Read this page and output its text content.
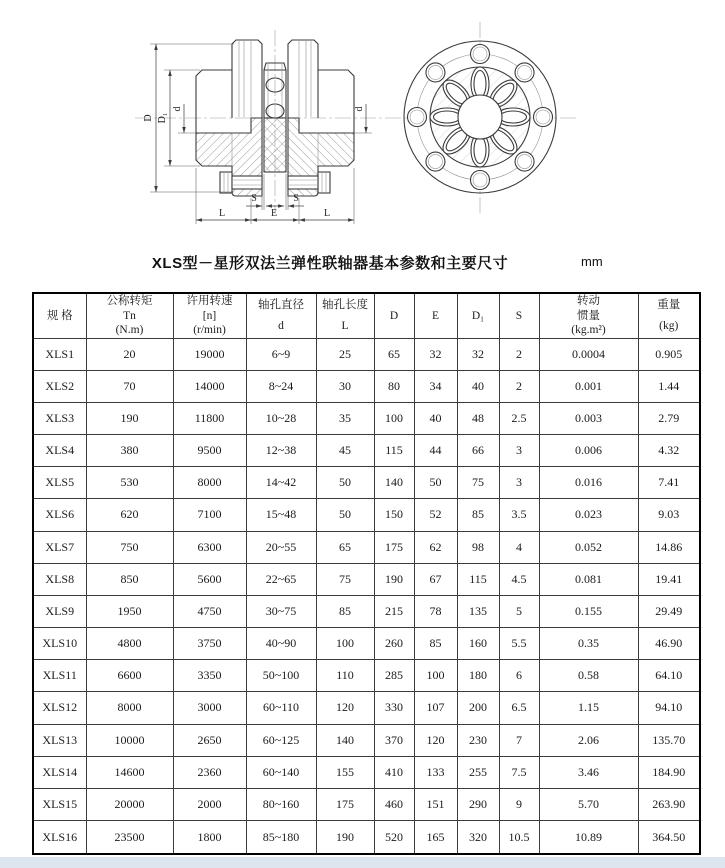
D D₁
d	d
S	S
L	E	L
XLS型－星形双法兰弹性联轴器基本参数和主要尺寸	mm
规 格

公称转矩
Tn
(N.m)

许用转速
[n]
(r/min)

轴孔直径
d

轴孔长度
L

D	E	D₁	S

转动
惯量
(kg.m²)

重量
(kg)

XLS1	20	19000	6~9	25	65	32	32	2	0.0004	0.905
XLS2	70	14000	8~24	30	80	34	40	2	0.001	1.44
XLS3	190	11800	10~28	35	100	40	48	2.5	0.003	2.79
XLS4	380	9500	12~38	45	115	44	66	3	0.006	4.32
XLS5	530	8000	14~42	50	140	50	75	3	0.016	7.41
XLS6	620	7100	15~48	50	150	52	85	3.5	0.023	9.03
XLS7	750	6300	20~55	65	175	62	98	4	0.052	14.86
XLS8	850	5600	22~65	75	190	67	115	4.5	0.081	19.41
XLS9	1950	4750	30~75	85	215	78	135	5	0.155	29.49
XLS10	4800	3750	40~90	100	260	85	160	5.5	0.35	46.90
XLS11	6600	3350	50~100	110	285	100	180	6	0.58	64.10
XLS12	8000	3000	60~110	120	330	107	200	6.5	1.15	94.10
XLS13	10000	2650	60~125	140	370	120	230	7	2.06	135.70
XLS14	14600	2360	60~140	155	410	133	255	7.5	3.46	184.90
XLS15	20000	2000	80~160	175	460	151	290	9	5.70	263.90
XLS16	23500	1800	85~180	190	520	165	320	10.5	10.89	364.50
